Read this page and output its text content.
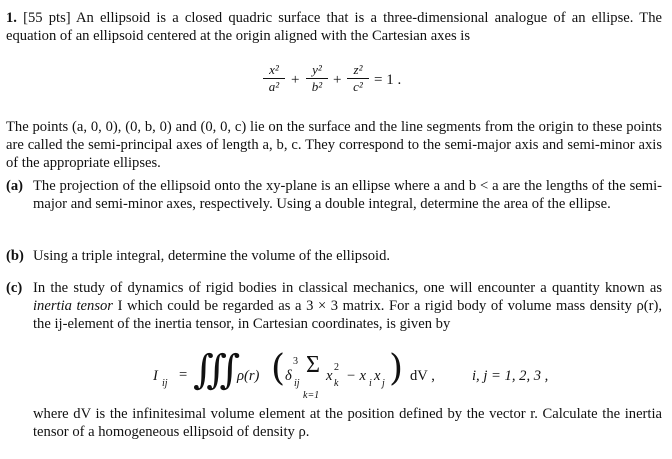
1. [55 pts] An ellipsoid is a closed quadric surface that is a three-dimensional analogue of an ellipse. The equation of an ellipsoid centered at the origin aligned with the Cartesian axes is

x²
a² +
y²
b² +
z²
c² = 1 .

The points (a, 0, 0), (0, b, 0) and (0, 0, c) lie on the surface and the line segments from the origin to these points are called the semi-principal axes of length a, b, c. They correspond to the semi-major axis and semi-minor axis of the appropriate ellipses.

(a) The projection of the ellipsoid onto the xy-plane is an ellipse where a and b < a are the lengths of the semi-major and semi-minor axes, respectively. Using a double integral, determine the area of the ellipse.

(b) Using a triple integral, determine the volume of the ellipsoid.

(c) In the study of dynamics of rigid bodies in classical mechanics, one will encounter a quantity known as inertia tensor I which could be regarded as a 3 × 3 matrix. For a rigid body of volume mass density ρ(r), the ij-element of the inertia tensor, in Cartesian coordinates, is given by

I ij
= ∭
ρ(r) ( δ ij
3 Σ
k=1
x
2
k − x i x j ) dV ,	i, j = 1, 2, 3 ,

where dV is the infinitesimal volume element at the position defined by the vector r. Calculate the inertia tensor of a homogeneous ellipsoid of density ρ.
